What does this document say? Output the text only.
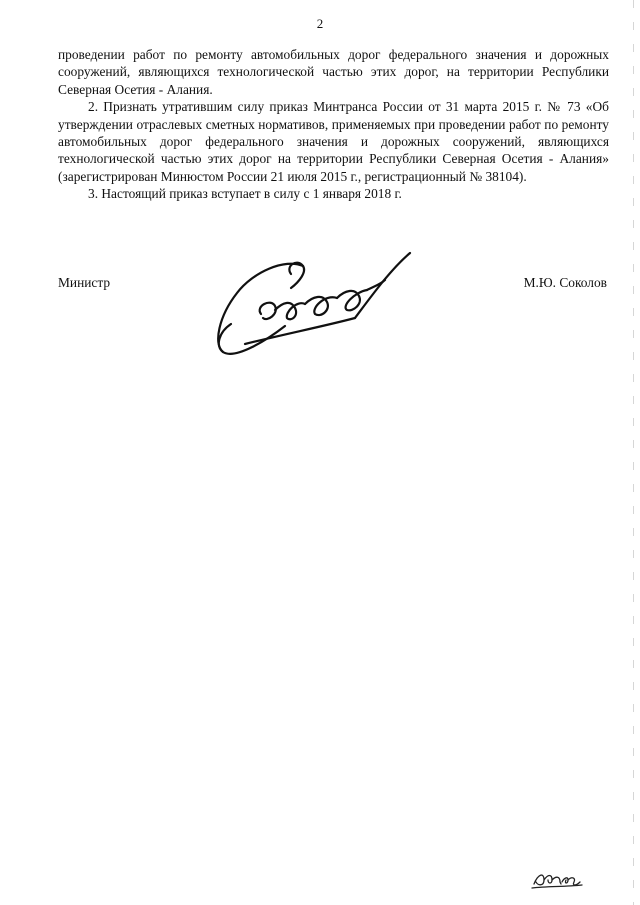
2

проведении работ по ремонту автомобильных дорог федерального значения и дорожных сооружений, являющихся технологической частью этих дорог, на территории Республики Северная Осетия - Алания.

2. Признать утратившим силу приказ Минтранса России от 31 марта 2015 г. № 73 «Об утверждении отраслевых сметных нормативов, применяемых при проведении работ по ремонту автомобильных дорог федерального значения и дорожных сооружений, являющихся технологической частью этих дорог на территории Республики Северная Осетия - Алания» (зарегистрирован Минюстом России 21 июля 2015 г., регистрационный № 38104).

3. Настоящий приказ вступает в силу с 1 января 2018 г.

Министр	М.Ю. Соколов
